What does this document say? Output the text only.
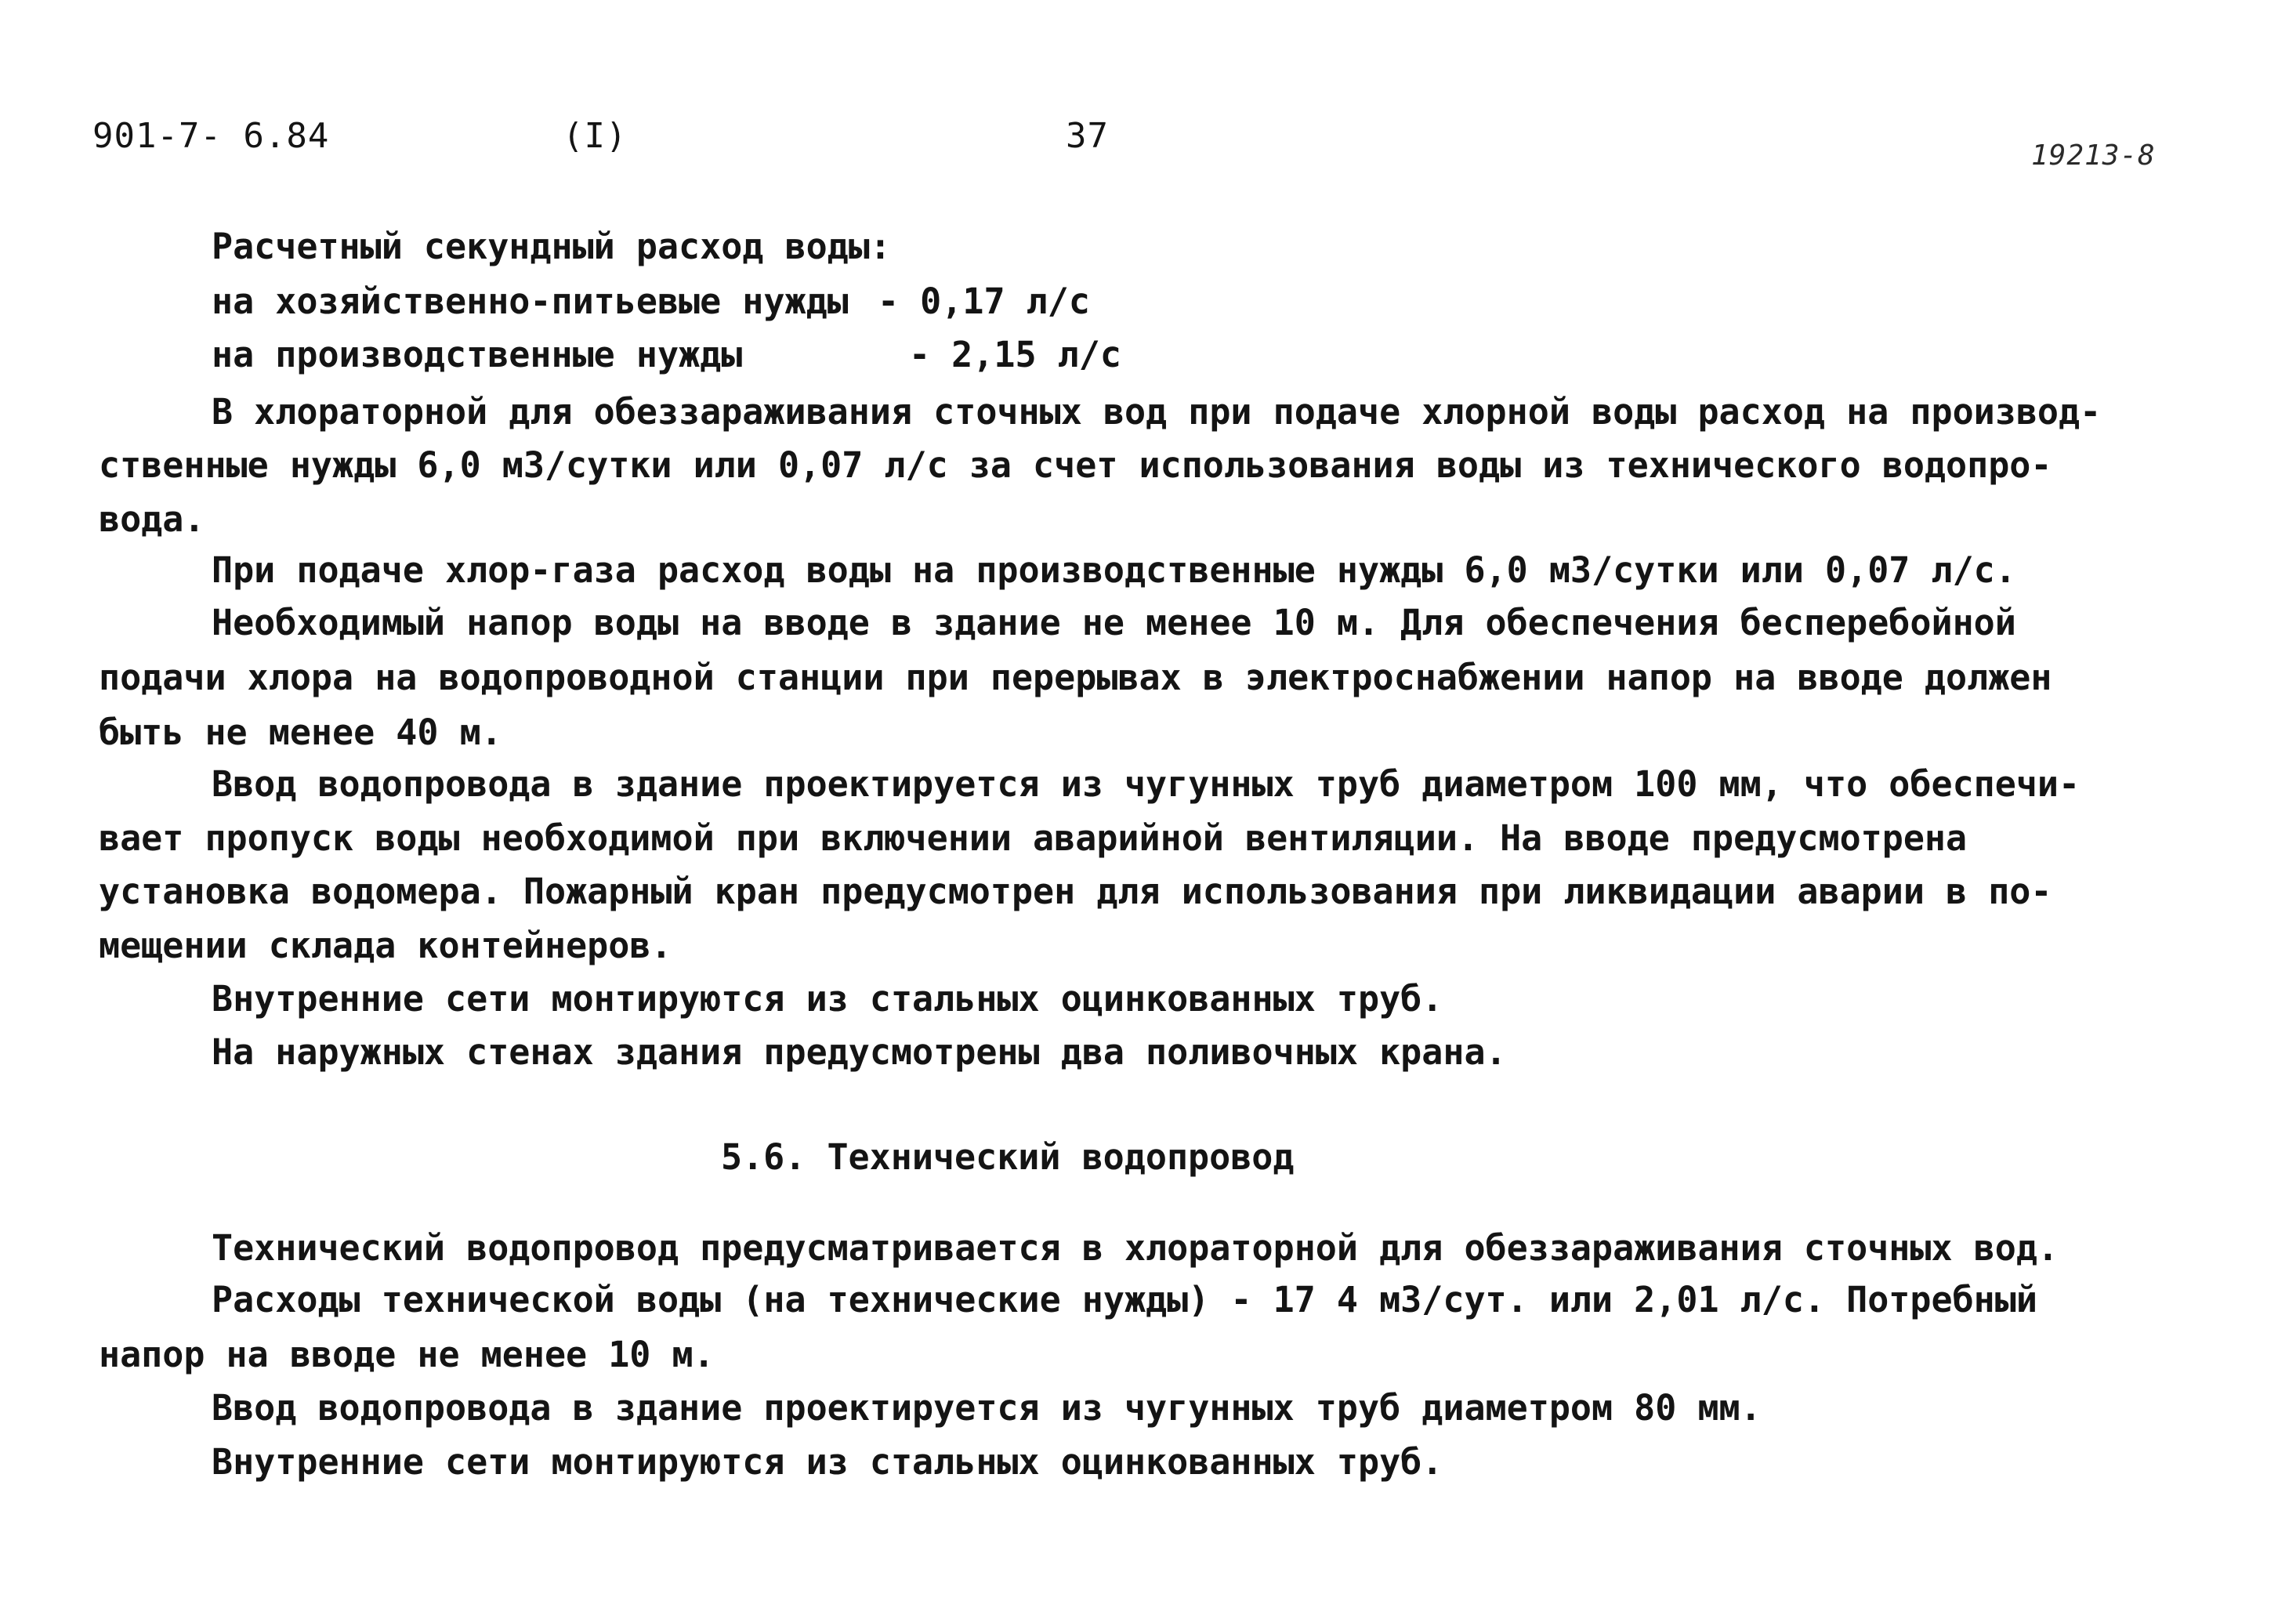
901-7- 6.84	(I)	37	19213-8
Расчетный секундный расход воды:
на хозяйственно-питьевые нужды - 0,17 л/с
на производственные нужды	- 2,15 л/с
В хлораторной для обеззараживания сточных вод при подаче хлорной воды расход на производ-
ственные нужды 6,0 м3/сутки или 0,07 л/с за счет использования воды из технического водопро-
вода.
При подаче хлор-газа расход воды на производственные нужды 6,0 м3/сутки или 0,07 л/с.
Необходимый напор воды на вводе в здание не менее 10 м. Для обеспечения бесперебойной
подачи хлора на водопроводной станции при перерывах в электроснабжении напор на вводе должен
быть не менее 40 м.
Ввод водопровода в здание проектируется из чугунных труб диаметром 100 мм, что обеспечи-
вает пропуск воды необходимой при включении аварийной вентиляции. На вводе предусмотрена
установка водомера. Пожарный кран предусмотрен для использования при ликвидации аварии в по-
мещении склада контейнеров.
Внутренние сети монтируются из стальных оцинкованных труб.
На наружных стенах здания предусмотрены два поливочных крана.
5.6. Технический водопровод
Технический водопровод предусматривается в хлораторной для обеззараживания сточных вод.
Расходы технической воды (на технические нужды) - 17 4 м3/сут. или 2,01 л/с. Потребный
напор на вводе не менее 10 м.
Ввод водопровода в здание проектируется из чугунных труб диаметром 80 мм.
Внутренние сети монтируются из стальных оцинкованных труб.
